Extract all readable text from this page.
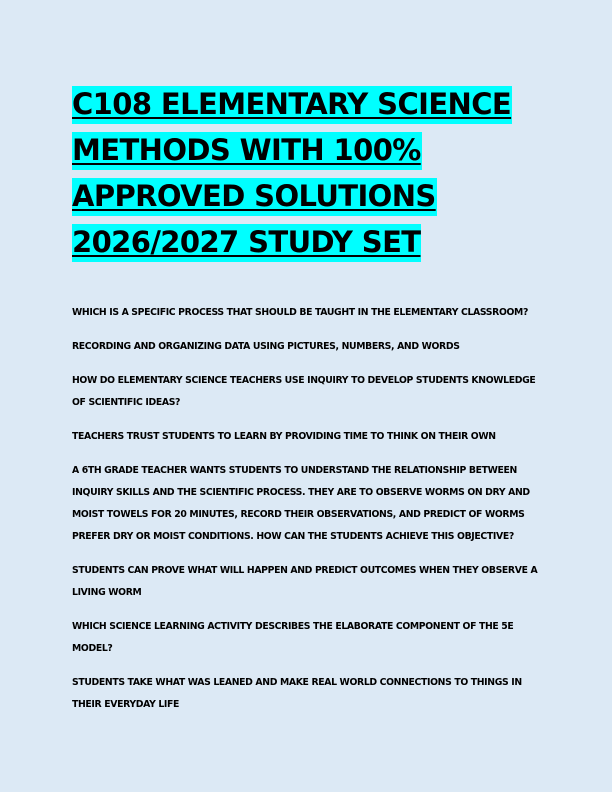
C108 ELEMENTARY SCIENCE
METHODS WITH 100%
APPROVED SOLUTIONS
2026/2027 STUDY SET

WHICH IS A SPECIFIC PROCESS THAT SHOULD BE TAUGHT IN THE ELEMENTARY CLASSROOM?

RECORDING AND ORGANIZING DATA USING PICTURES, NUMBERS, AND WORDS

HOW DO ELEMENTARY SCIENCE TEACHERS USE INQUIRY TO DEVELOP STUDENTS KNOWLEDGE OF SCIENTIFIC IDEAS?

TEACHERS TRUST STUDENTS TO LEARN BY PROVIDING TIME TO THINK ON THEIR OWN

A 6TH GRADE TEACHER WANTS STUDENTS TO UNDERSTAND THE RELATIONSHIP BETWEEN INQUIRY SKILLS AND THE SCIENTIFIC PROCESS. THEY ARE TO OBSERVE WORMS ON DRY AND MOIST TOWELS FOR 20 MINUTES, RECORD THEIR OBSERVATIONS, AND PREDICT OF WORMS PREFER DRY OR MOIST CONDITIONS. HOW CAN THE STUDENTS ACHIEVE THIS OBJECTIVE?

STUDENTS CAN PROVE WHAT WILL HAPPEN AND PREDICT OUTCOMES WHEN THEY OBSERVE A LIVING WORM

WHICH SCIENCE LEARNING ACTIVITY DESCRIBES THE ELABORATE COMPONENT OF THE 5E MODEL?

STUDENTS TAKE WHAT WAS LEANED AND MAKE REAL WORLD CONNECTIONS TO THINGS IN THEIR EVERYDAY LIFE
